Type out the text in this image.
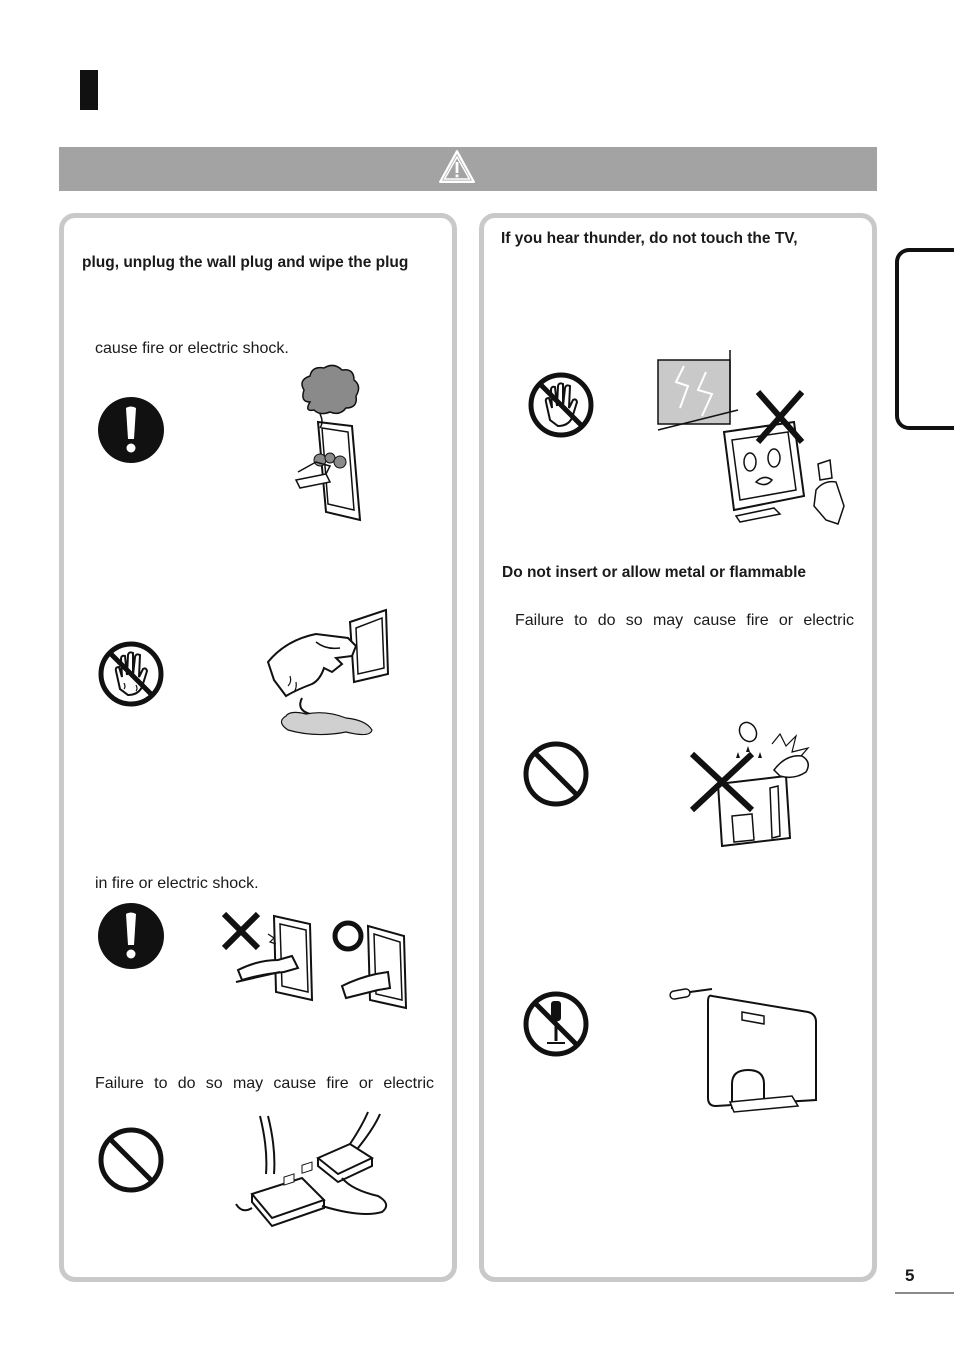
plug, unplug the wall plug and wipe the plug
cause fire or electric shock.
in fire or electric shock.
Failure to do so may cause fire or electric
If you hear thunder, do not touch the TV,
Do not insert or allow metal or flammable
Failure to do so may cause fire or electric
5
